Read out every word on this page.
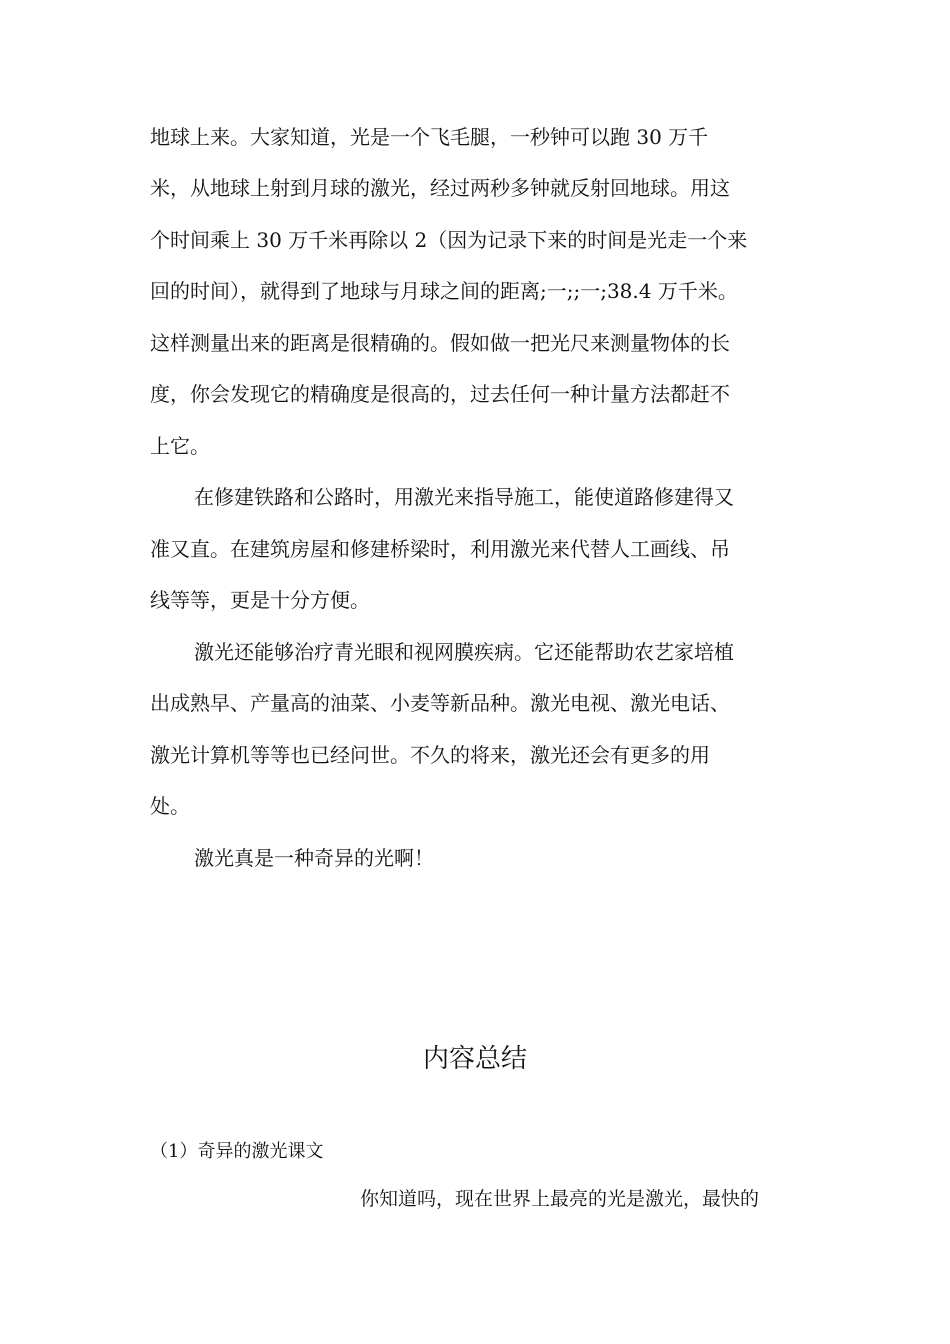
地球上来。大家知道，光是一个飞毛腿，一秒钟可以跑 30 万千
米，从地球上射到月球的激光，经过两秒多钟就反射回地球。用这
个时间乘上 30 万千米再除以 2（因为记录下来的时间是光走一个来
回的时间），就得到了地球与月球之间的距离;一;;一;38.4 万千米。
这样测量出来的距离是很精确的。假如做一把光尺来测量物体的长
度，你会发现它的精确度是很高的，过去任何一种计量方法都赶不
上它。
在修建铁路和公路时，用激光来指导施工，能使道路修建得又
准又直。在建筑房屋和修建桥梁时，利用激光来代替人工画线、吊
线等等，更是十分方便。
激光还能够治疗青光眼和视网膜疾病。它还能帮助农艺家培植
出成熟早、产量高的油菜、小麦等新品种。激光电视、激光电话、
激光计算机等等也已经问世。不久的将来，激光还会有更多的用
处。
激光真是一种奇异的光啊！
内容总结
（1）奇异的激光课文
你知道吗，现在世界上最亮的光是激光，最快的
